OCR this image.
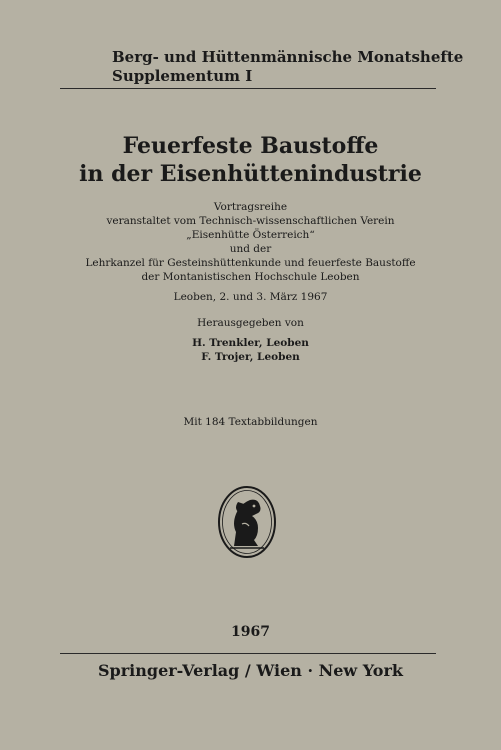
Berg- und Hüttenmännische Monatshefte
Supplementum I
Feuerfeste Baustoffe
in der Eisenhüttenindustrie
Vortragsreihe
veranstaltet vom Technisch-wissenschaftlichen Verein
„Eisenhütte Österreich“
und der
Lehrkanzel für Gesteinshüttenkunde und feuerfeste Baustoffe
der Montanistischen Hochschule Leoben
Leoben, 2. und 3. März 1967
Herausgegeben von
H. Trenkler, Leoben
F. Trojer, Leoben
Mit 184 Textabbildungen
1967
Springer-Verlag / Wien · New York
